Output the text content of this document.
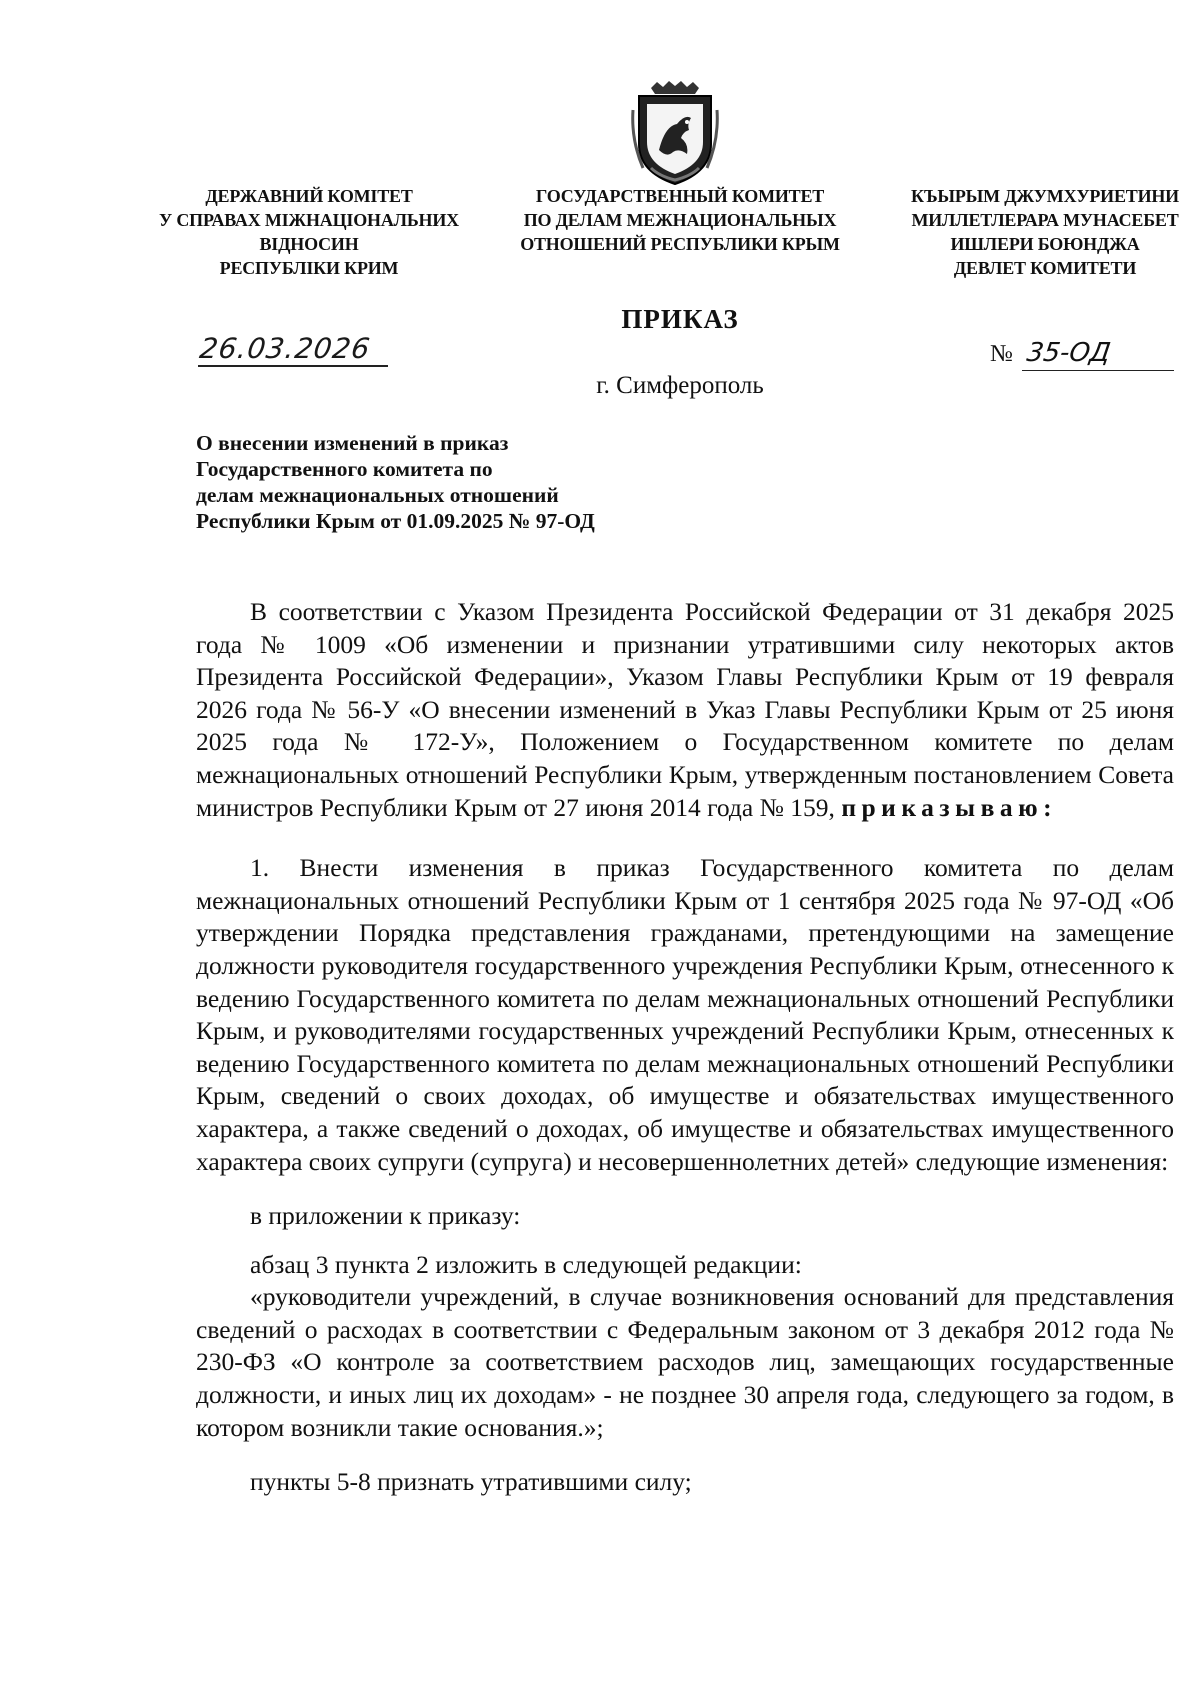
ДЕРЖАВНИЙ КОМІТЕТ
У СПРАВАХ МІЖНАЦІОНАЛЬНИХ
ВІДНОСИН
РЕСПУБЛІКИ КРИМ
ГОСУДАРСТВЕННЫЙ КОМИТЕТ
ПО ДЕЛАМ МЕЖНАЦИОНАЛЬНЫХ
ОТНОШЕНИЙ РЕСПУБЛИКИ КРЫМ
КЪЫРЫМ ДЖУМХУРИЕТИНИ
МИЛЛЕТЛЕРАРА МУНАСЕБЕТ
ИШЛЕРИ БОЮНДЖА
ДЕВЛЕТ КОМИТЕТИ
ПРИКАЗ
26.03.2026	№ 35-ОД
г. Симферополь
О внесении изменений в приказ
Государственного комитета по
делам межнациональных отношений
Республики Крым от 01.09.2025 № 97-ОД

В соответствии с Указом Президента Российской Федерации от 31 декабря 2025 года № 1009 «Об изменении и признании утратившими силу некоторых актов Президента Российской Федерации», Указом Главы Республики Крым от 19 февраля 2026 года № 56-У «О внесении изменений в Указ Главы Республики Крым от 25 июня 2025 года № 172-У», Положением о Государственном комитете по делам межнациональных отношений Республики Крым, утвержденным постановлением Совета министров Республики Крым от 27 июня 2014 года № 159, приказываю:

1. Внести изменения в приказ Государственного комитета по делам межнациональных отношений Республики Крым от 1 сентября 2025 года № 97-ОД «Об утверждении Порядка представления гражданами, претендующими на замещение должности руководителя государственного учреждения Республики Крым, отнесенного к ведению Государственного комитета по делам межнациональных отношений Республики Крым, и руководителями государственных учреждений Республики Крым, отнесенных к ведению Государственного комитета по делам межнациональных отношений Республики Крым, сведений о своих доходах, об имуществе и обязательствах имущественного характера, а также сведений о доходах, об имуществе и обязательствах имущественного характера своих супруги (супруга) и несовершеннолетних детей» следующие изменения:

в приложении к приказу:

абзац 3 пункта 2 изложить в следующей редакции:

«руководители учреждений, в случае возникновения оснований для представления сведений о расходах в соответствии с Федеральным законом от 3 декабря 2012 года № 230-ФЗ «О контроле за соответствием расходов лиц, замещающих государственные должности, и иных лиц их доходам» - не позднее 30 апреля года, следующего за годом, в котором возникли такие основания.»;

пункты 5-8 признать утратившими силу;
